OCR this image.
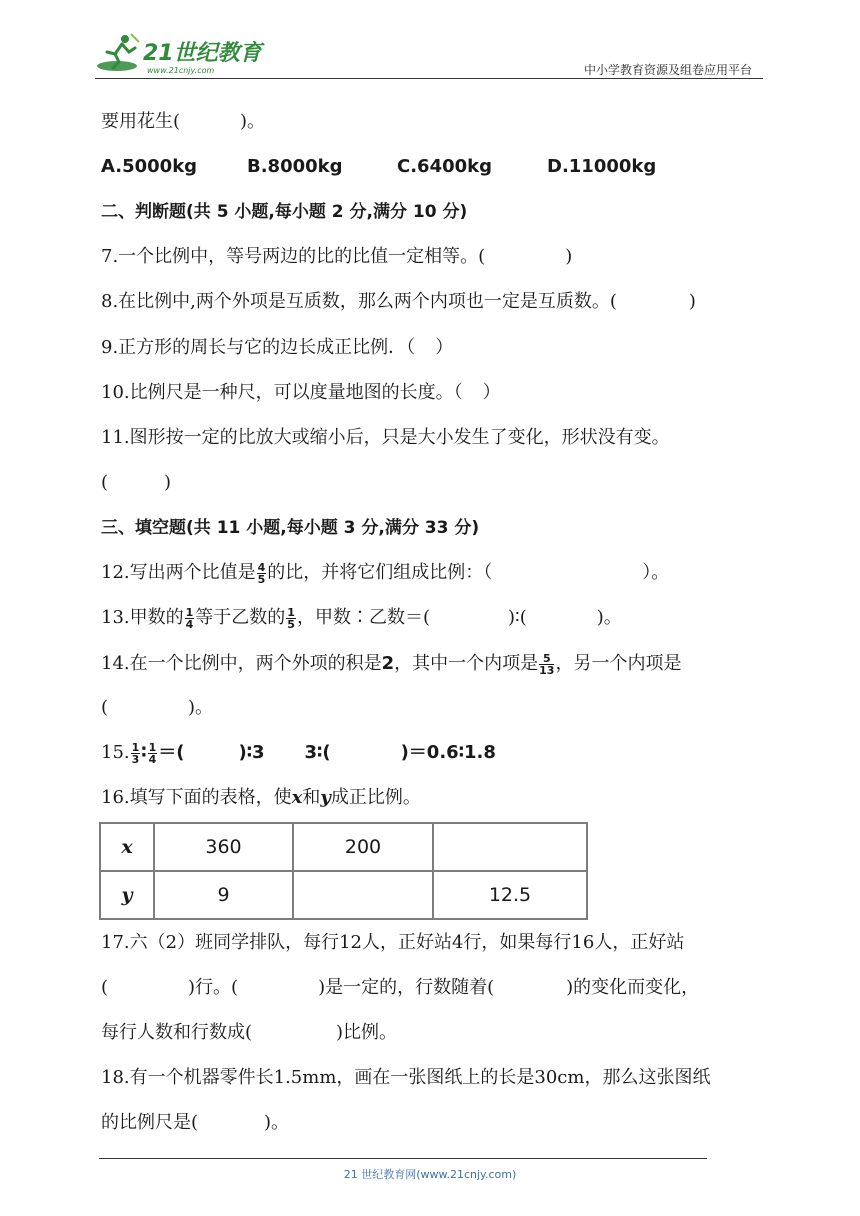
21世纪教育
www.21cnjy.com	中小学教育资源及组卷应用平台
要用花生(	)。
A.5000kg	B.8000kg	C.6400kg	D.11000kg
二、判断题(共 5 小题,每小题 2 分,满分 10 分)
7.一个比例中，等号两边的比的比值一定相等。(	)
8.在比例中,两个外项是互质数，那么两个内项也一定是互质数。(	)
9.正方形的周长与它的边长成正比例．（ ）
10.比例尺是一种尺，可以度量地图的长度。（ ）
11.图形按一定的比放大或缩小后，只是大小发生了变化，形状没有变。
(	)
三、填空题(共 11 小题,每小题 3 分,满分 33 分)
12.写出两个比值是 $\frac{4}{5}$ 的比，并将它们组成比例：（	）。
13.甲数的 $\frac{1}{4}$ 等于乙数的 $\frac{1}{5}$ ，甲数∶乙数＝(	)∶(	)。
14.在一个比例中，两个外项的积是2，其中一个内项是 $\frac{5}{13}$ ，另一个内项是
(	)。
15. $\frac{1}{3}$ ∶ $\frac{1}{4}$ ＝(	)∶3 3∶(	)＝0.6∶1.8
16.填写下面的表格，使x和y成正比例。
x	360	200	
y	9		12.5
17.六（2）班同学排队，每行12人，正好站4行，如果每行16人，正好站
(	)行。(	)是一定的，行数随着(	)的变化而变化，
每行人数和行数成(	)比例。
18.有一个机器零件长1.5mm，画在一张图纸上的长是30cm，那么这张图纸
的比例尺是(	)。
21 世纪教育网(www.21cnjy.com)
